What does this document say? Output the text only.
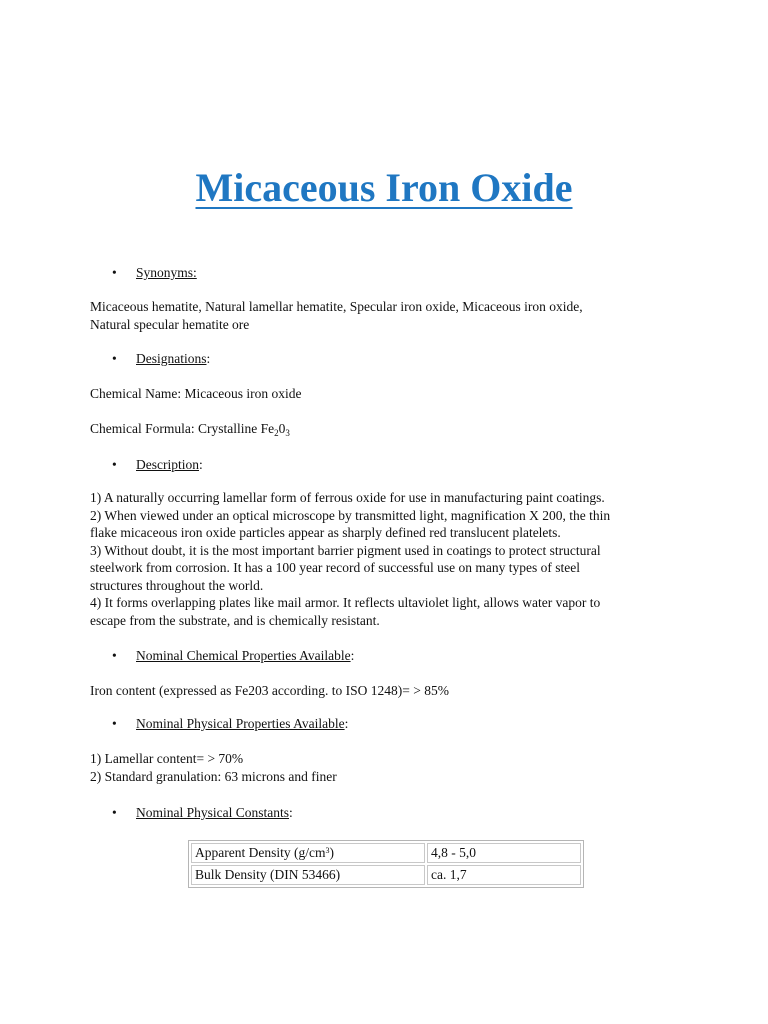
Micaceous Iron Oxide
• Synonyms:
Micaceous hematite, Natural lamellar hematite, Specular iron oxide, Micaceous iron oxide,
Natural specular hematite ore
• Designations:
Chemical Name: Micaceous iron oxide
Chemical Formula: Crystalline $Fe_20_3$
• Description:
1) A naturally occurring lamellar form of ferrous oxide for use in manufacturing paint coatings.
2) When viewed under an optical microscope by transmitted light, magnification X 200, the thin
flake micaceous iron oxide particles appear as sharply defined red translucent platelets.
3) Without doubt, it is the most important barrier pigment used in coatings to protect structural
steelwork from corrosion. It has a 100 year record of successful use on many types of steel
structures throughout the world.
4) It forms overlapping plates like mail armor. It reflects ultaviolet light, allows water vapor to
escape from the substrate, and is chemically resistant.
• Nominal Chemical Properties Available:
Iron content (expressed as Fe203 according. to ISO 1248)= > 85%
• Nominal Physical Properties Available:
1) Lamellar content= > 70%
2) Standard granulation: 63 microns and finer
• Nominal Physical Constants:
Apparent Density $(g/cm^3)$	4,8 - 5,0
Bulk Density (DIN 53466)	ca. 1,7
